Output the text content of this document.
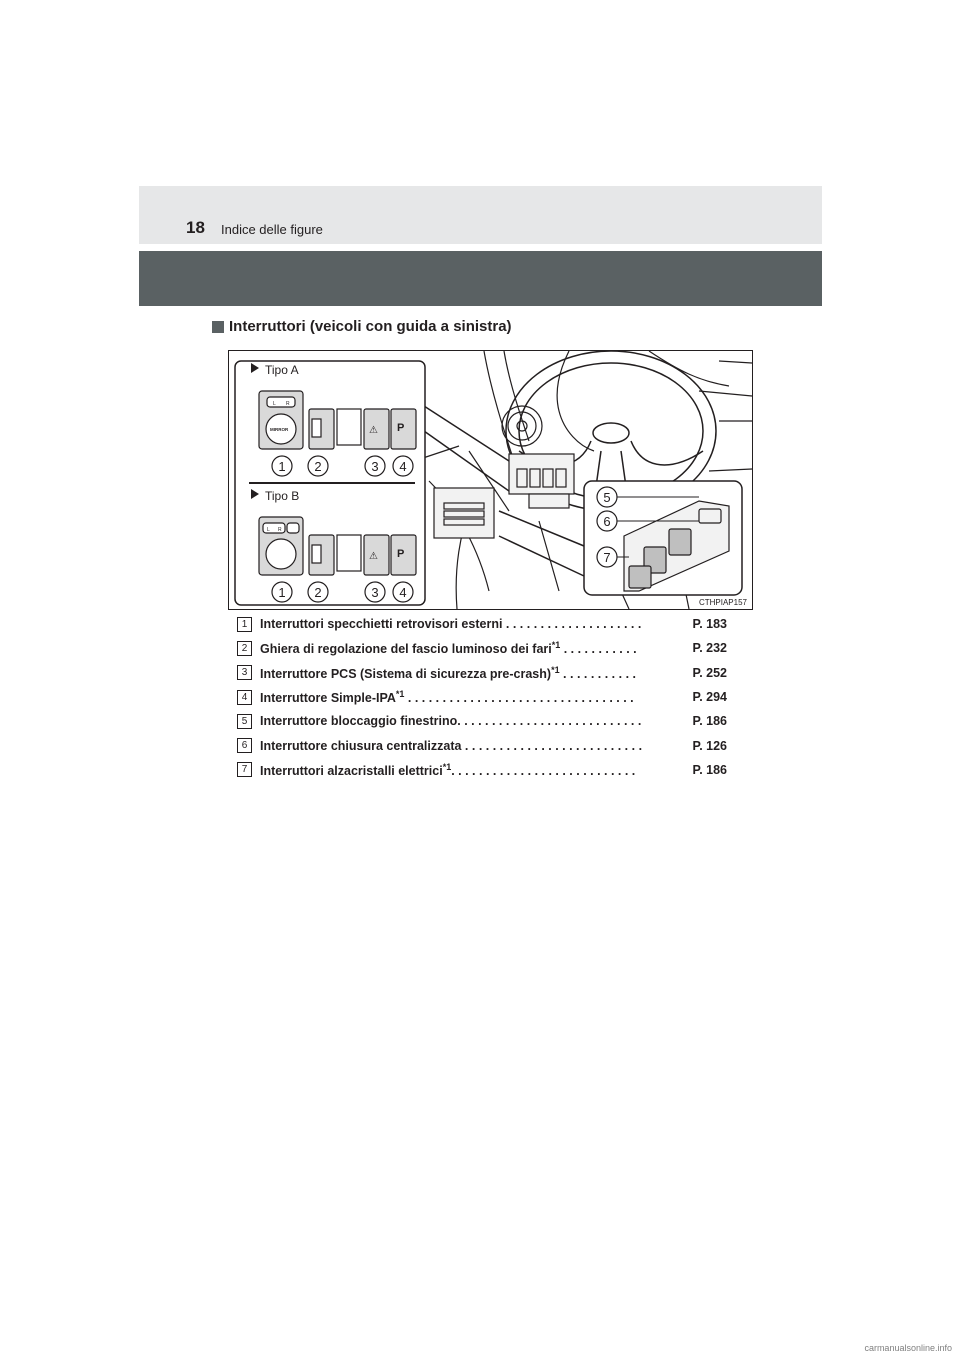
18 Indice delle figure
Interruttori (veicoli con guida a sinistra)
L R
MIRROR	P
⚠
L R
P
⚠
1 2	3 4
1 2	3 4
Tipo A
Tipo B	5
6
7
CTHPIAP157
1	Interruttori specchietti retrovisori esterni . . . . . . . . . . . . . . . . . . . .	P. 183
2	Ghiera di regolazione del fascio luminoso dei fari$^{*1}$ . . . . . . . . . . .	P. 232
3	Interruttore PCS (Sistema di sicurezza pre-crash)$^{*1}$ . . . . . . . . . . .	P. 252
4	Interruttore Simple-IPA$^{*1}$ . . . . . . . . . . . . . . . . . . . . . . . . . . . . . . . . .	P. 294
5	Interruttore bloccaggio finestrino. . . . . . . . . . . . . . . . . . . . . . . . . . .	P. 186
6	Interruttore chiusura centralizzata . . . . . . . . . . . . . . . . . . . . . . . . . .	P. 126
7	Interruttori alzacristalli elettrici$^{*1}$. . . . . . . . . . . . . . . . . . . . . . . . . . .	P. 186
carmanualsonline.info
